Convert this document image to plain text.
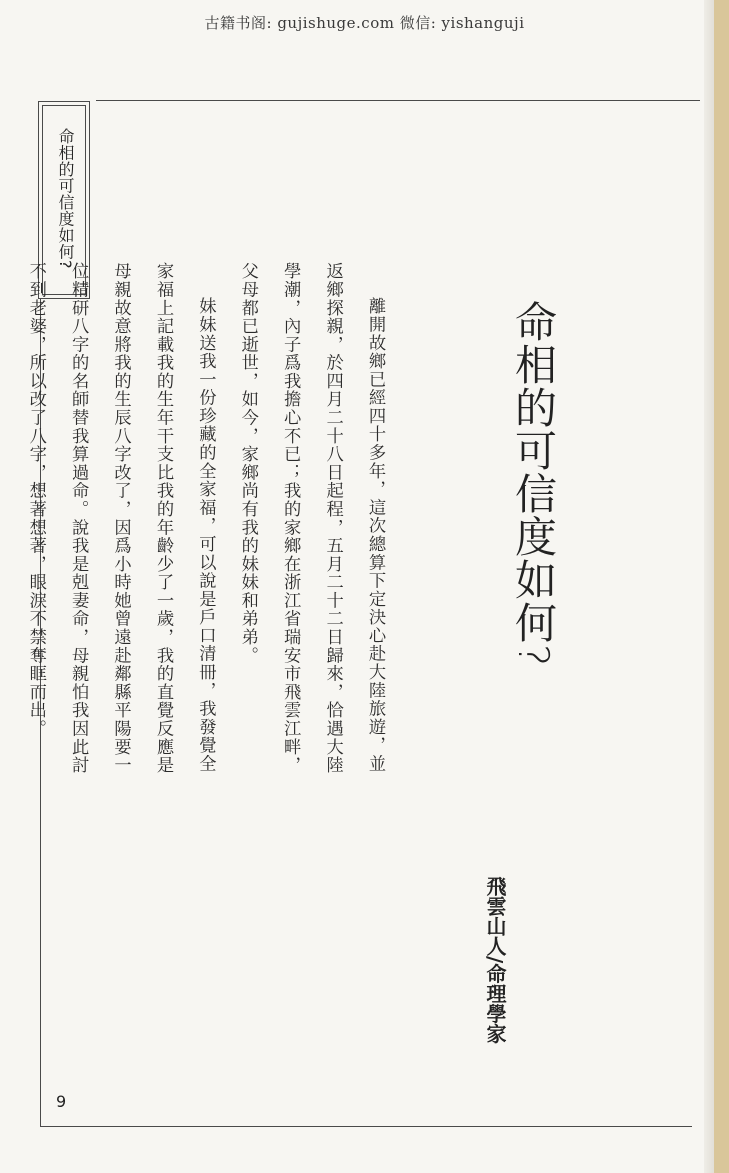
古籍书阁: gujishuge.com 微信: yishanguji
命相的可信度如何?
命相的可信度如何?
飛雲山人/命理學家

離開故鄉已經四十多年，這次總算下定決心赴大陸旅遊，並返鄉探親，於四月二十八日起程，五月二十二日歸來，恰遇大陸學潮，內子爲我擔心不已；我的家鄉在浙江省瑞安市飛雲江畔，父母都已逝世，如今，家鄉尚有我的妹妹和弟弟。

妹妹送我一份珍藏的全家福，可以說是戶口清冊，我發覺全家福上記載我的生年干支比我的年齡少了一歲，我的直覺反應是母親故意將我的生辰八字改了，因爲小時她曾遠赴鄰縣平陽要一位精研八字的名師替我算過命。說我是剋妻命，母親怕我因此討不到老婆，所以改了八字，想著想著，眼淚不禁奪眶而出。

9
